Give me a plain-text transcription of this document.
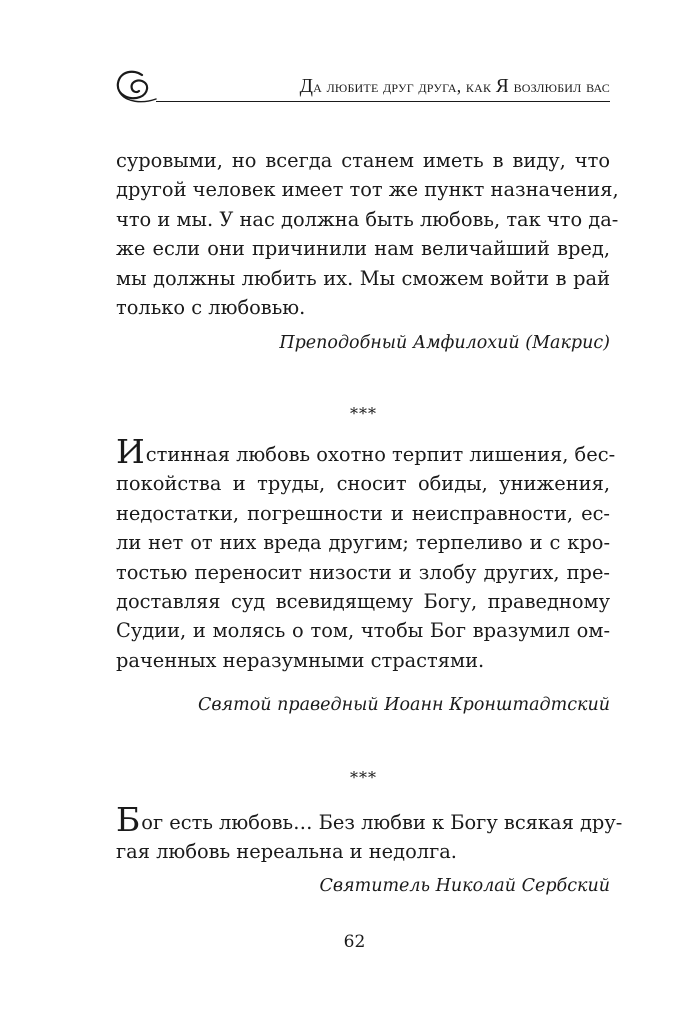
Да любите друг друга, как Я возлюбил вас
суровыми, но всегда станем иметь в виду, что
другой человек имеет тот же пункт назначения,
что и мы. У нас должна быть любовь, так что да-
же если они причинили нам величайший вред,
мы должны любить их. Мы сможем войти в рай
только с любовью.
Преподобный Амфилохий (Макрис)
***
Истинная любовь охотно терпит лишения, бес-
покойства и труды, сносит обиды, унижения,
недостатки, погрешности и неисправности, ес-
ли нет от них вреда другим; терпеливо и с кро-
тостью переносит низости и злобу других, пре-
доставляя суд всевидящему Богу, праведному
Судии, и молясь о том, чтобы Бог вразумил ом-
раченных неразумными страстями.
Святой праведный Иоанн Кронштадтский
***
Бог есть любовь… Без любви к Богу всякая дру-
гая любовь нереальна и недолга.
Святитель Николай Сербский
62
